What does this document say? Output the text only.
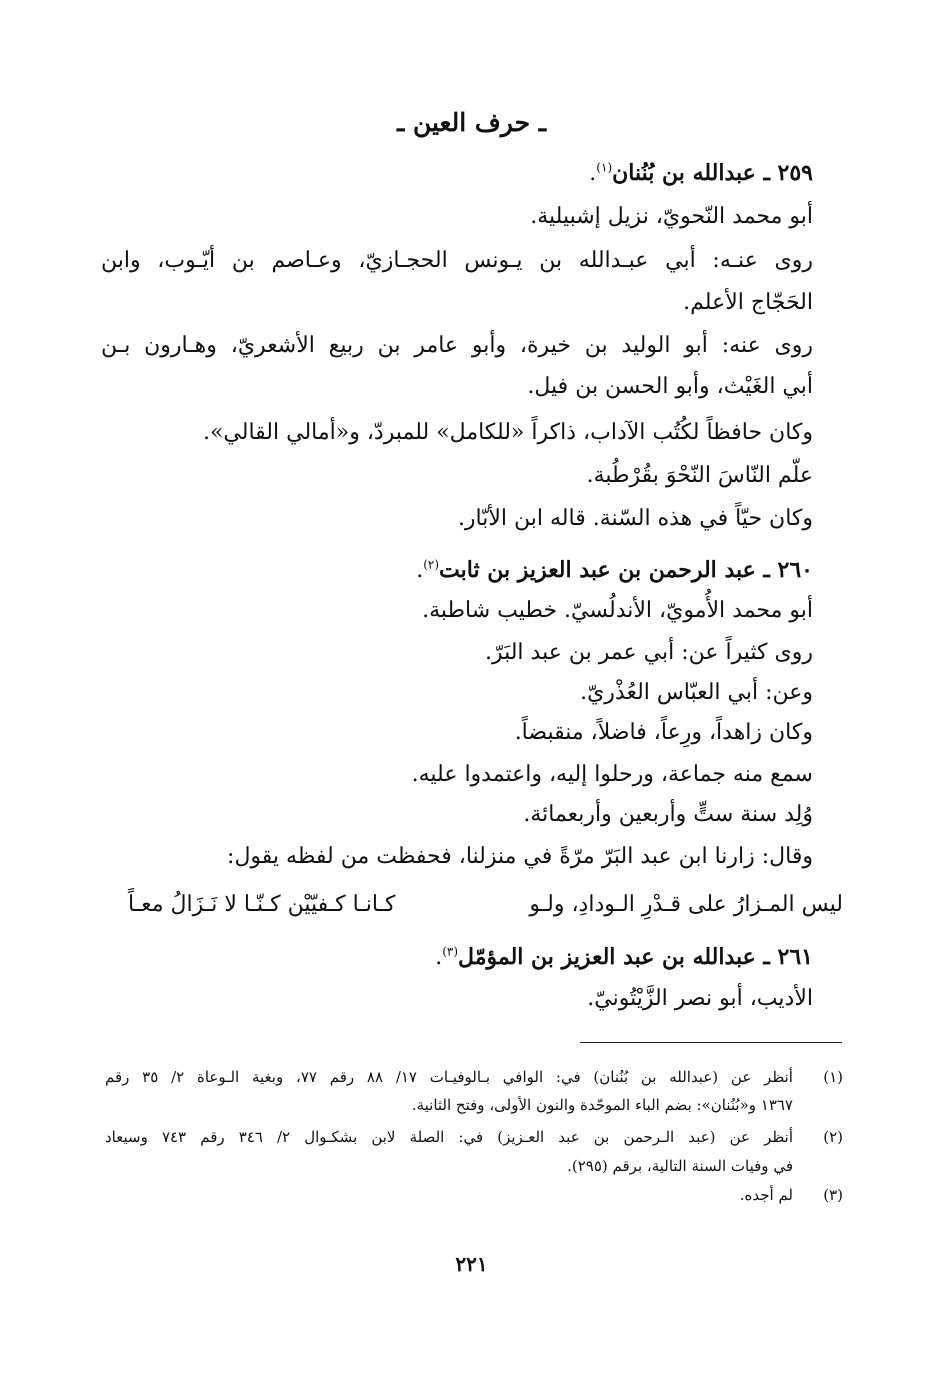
ـ حرف العين ـ
٢٥٩ ـ عبدالله بن بُنُنان$^{(١)}$.
أبو محمد النّحويّ، نزيل إشبيلية.
روى عنـه: أبي عبـدالله بن يـونس الحجـازيّ، وعـاصم بن أيّـوب، وابن
الحَجّاج الأعلم.
روى عنه: أبو الوليد بن خيرة، وأبو عامر بن ربيع الأشعريّ، وهـارون بـن
أبي الغَيْث، وأبو الحسن بن فيل.
وكان حافظاً لكُتُب الآداب، ذاكراً «للكامل» للمبردّ، و«أمالي القالي».
علّم النّاسَ النّحْوَ بقُرْطُبة.
وكان حيّاً في هذه السّنة. قاله ابن الأبّار.
٢٦٠ ـ عبد الرحمن بن عبد العزيز بن ثابت$^{(٢)}$.
أبو محمد الأُمويّ، الأندلُسيّ. خطيب شاطبة.
روى كثيراً عن: أبي عمر بن عبد البَرّ.
وعن: أبي العبّاس العُذْريّ.
وكان زاهداً، ورِعاً، فاضلاً، منقبضاً.
سمع منه جماعة، ورحلوا إليه، واعتمدوا عليه.
وُلِد سنة ستٍّ وأربعين وأربعمائة.
وقال: زارنا ابن عبد البَرّ مرّةً في منزلنا، فحفظت من لفظه يقول:
ليس المـزارُ على قـدْرِ الـودادِ، ولـو
كـانـا كـفيّيْن كـنّـا لا نَـزَالُ معـاً
٢٦١ ـ عبدالله بن عبد العزيز بن المؤمّل$^{(٣)}$.
الأديب، أبو نصر الزَّيْتُونيّ.
(١)
أنظر عن (عبدالله بن بُنُنان) في: الوافي بـالوفيـات ١٧/ ٨٨ رقم ٧٧، وبغية الـوعاة ٢/ ٣٥ رقم
١٣٦٧ و«بُنُنان»: بضم الباء الموحّدة والنون الأولى، وفتح الثانية.
(٢)
أنظر عن (عبد الـرحمن بن عبد العـزيز) في: الصلة لابن بشكـوال ٢/ ٣٤٦ رقم ٧٤٣ وسيعاد
في وفيات السنة التالية، برقم (٢٩٥).
(٣)
لم أجده.
٢٢١
